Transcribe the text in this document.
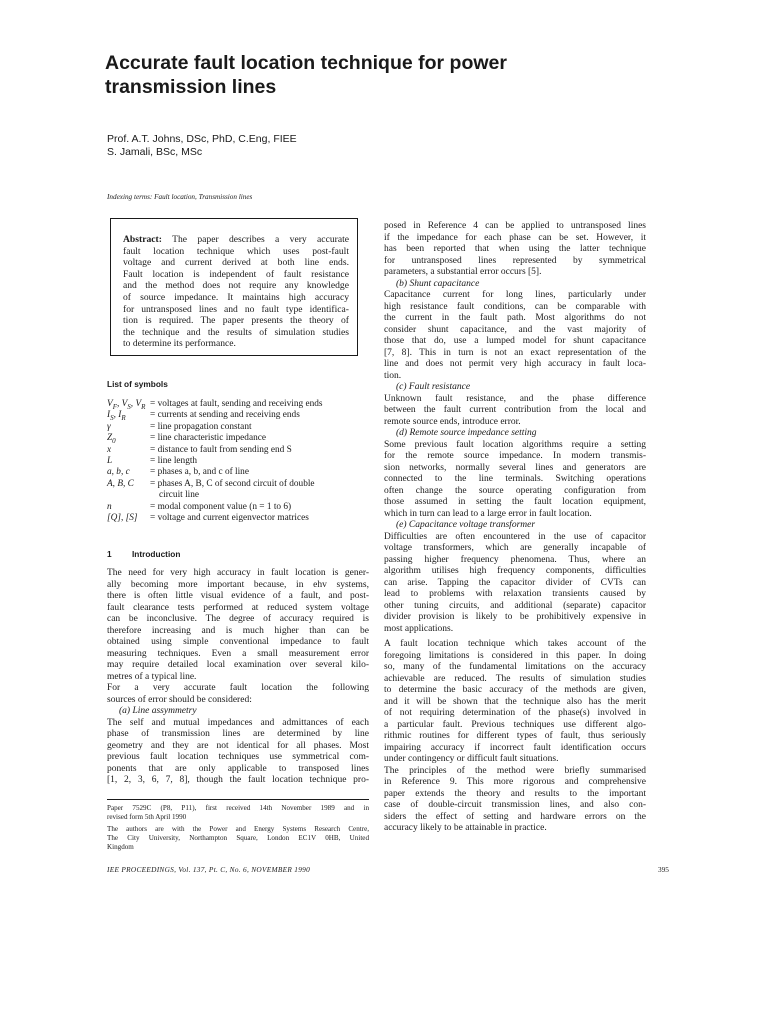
Accurate fault location technique for power
transmission lines
Prof. A.T. Johns, DSc, PhD, C.Eng, FIEE
S. Jamali, BSc, MSc
Indexing terms: Fault location, Transmission lines
Abstract: The paper describes a very accurate
fault location technique which uses post-fault
voltage and current derived at both line ends.
Fault location is independent of fault resistance
and the method does not require any knowledge
of source impedance. It maintains high accuracy
for untransposed lines and no fault type identifica-
tion is required. The paper presents the theory of
the technique and the results of simulation studies
to determine its performance.
List of symbols
$V_F$, $V_S$, $V_R$ = voltages at fault, sending and receiving ends
$I_S$, $I_R$	= currents at sending and receiving ends
γ	= line propagation constant
$Z_0$	= line characteristic impedance
x	= distance to fault from sending end S
L	= line length
a, b, c = phases a, b, and c of line
A, B, C = phases A, B, C of second circuit of double
circuit line
n	= modal component value (n = 1 to 6)
[Q], [S] = voltage and current eigenvector matrices
1 Introduction
The need for very high accuracy in fault location is gener-
ally becoming more important because, in ehv systems,
there is often little visual evidence of a fault, and post-
fault clearance tests performed at reduced system voltage
can be inconclusive. The degree of accuracy required is
therefore increasing and is much higher than can be
obtained using simple conventional impedance to fault
measuring techniques. Even a small measurement error
may require detailed local examination over several kilo-
metres of a typical line.
For a very accurate fault location the following
sources of error should be considered:
(a) Line assymmetry
The self and mutual impedances and admittances of each
phase of transmission lines are determined by line
geometry and they are not identical for all phases. Most
previous fault location techniques use symmetrical com-
ponents that are only applicable to transposed lines
[1, 2, 3, 6, 7, 8], though the fault location technique pro-
Paper 7529C (P8, P11), first received 14th November 1989 and in
revised form 5th April 1990
The authors are with the Power and Energy Systems Research Centre,
The City University, Northampton Square, London EC1V 0HB, United
Kingdom
posed in Reference 4 can be applied to untransposed lines
if the impedance for each phase can be set. However, it
has been reported that when using the latter technique
for untransposed lines represented by symmetrical
parameters, a substantial error occurs [5].
(b) Shunt capacitance
Capacitance current for long lines, particularly under
high resistance fault conditions, can be comparable with
the current in the fault path. Most algorithms do not
consider shunt capacitance, and the vast majority of
those that do, use a lumped model for shunt capacitance
[7, 8]. This in turn is not an exact representation of the
line and does not permit very high accuracy in fault loca-
tion.
(c) Fault resistance
Unknown fault resistance, and the phase difference
between the fault current contribution from the local and
remote source ends, introduce error.
(d) Remote source impedance setting
Some previous fault location algorithms require a setting
for the remote source impedance. In modern transmis-
sion networks, normally several lines and generators are
connected to the line terminals. Switching operations
often change the source operating configuration from
those assumed in setting the fault location equipment,
which in turn can lead to a large error in fault location.
(e) Capacitance voltage transformer
Difficulties are often encountered in the use of capacitor
voltage transformers, which are generally incapable of
passing higher frequency phenomena. Thus, where an
algorithm utilises high frequency components, difficulties
can arise. Tapping the capacitor divider of CVTs can
lead to problems with relaxation transients caused by
other tuning circuits, and additional (separate) capacitor
divider provision is likely to be prohibitively expensive in
most applications.
A fault location technique which takes account of the
foregoing limitations is considered in this paper. In doing
so, many of the fundamental limitations on the accuracy
achievable are reduced. The results of simulation studies
to determine the basic accuracy of the methods are given,
and it will be shown that the technique also has the merit
of not requiring determination of the phase(s) involved in
a particular fault. Previous techniques use different algo-
rithmic routines for different types of fault, thus seriously
impairing accuracy if incorrect fault identification occurs
under contingency or difficult fault situations.
The principles of the method were briefly summarised
in Reference 9. This more rigorous and comprehensive
paper extends the theory and results to the important
case of double-circuit transmission lines, and also con-
siders the effect of setting and hardware errors on the
accuracy likely to be attainable in practice.
IEE PROCEEDINGS, Vol. 137, Pt. C, No. 6, NOVEMBER 1990	395
